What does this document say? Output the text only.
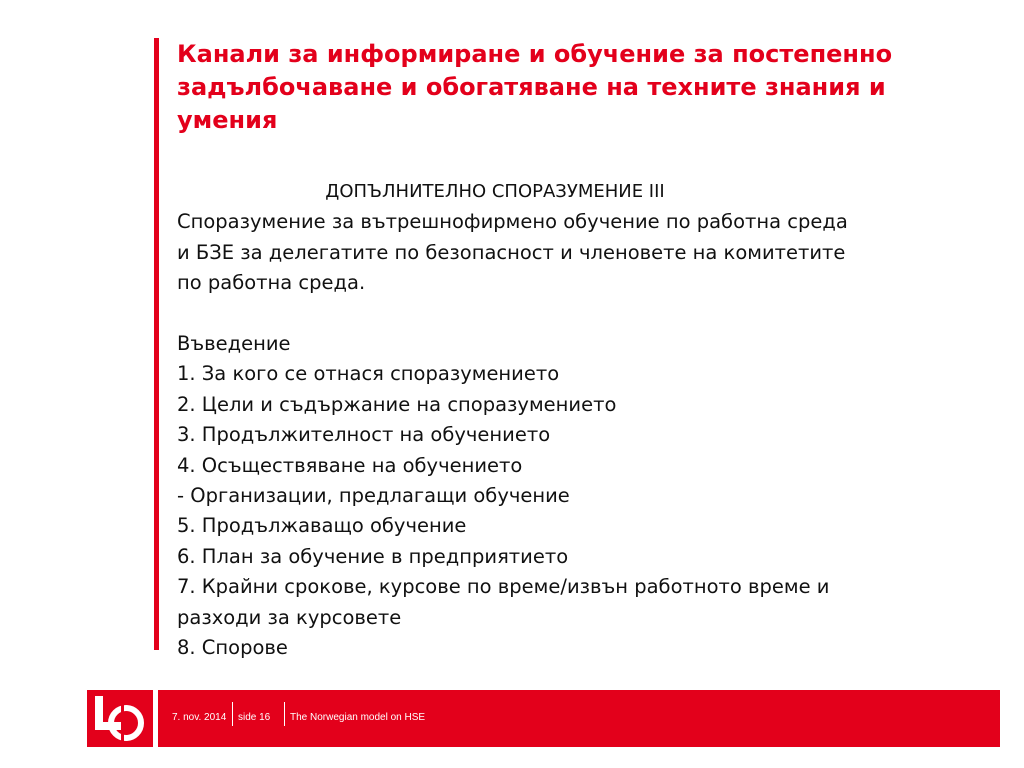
Канали за информиране и обучение за постепенно задълбочаване и обогатяване на техните знания и умения
ДОПЪЛНИТЕЛНО СПОРАЗУМЕНИЕ III
Споразумение за вътрешнофирмено обучение по работна среда
и БЗЕ за делегатите по безопасност и членовете на комитетите
по работна среда.
Въведение
1. За кого се отнася споразумението
2. Цели и съдържание на споразумението
3. Продължителност на обучението
4. Осъществяване на обучението
- Организации, предлагащи обучение
5. Продължаващо обучение
6. План за обучение в предприятието
7. Крайни срокове, курсове по време/извън работното време и
разходи за курсовете
8. Спорове
7. nov. 2014 side 16 The Norwegian model on HSE
